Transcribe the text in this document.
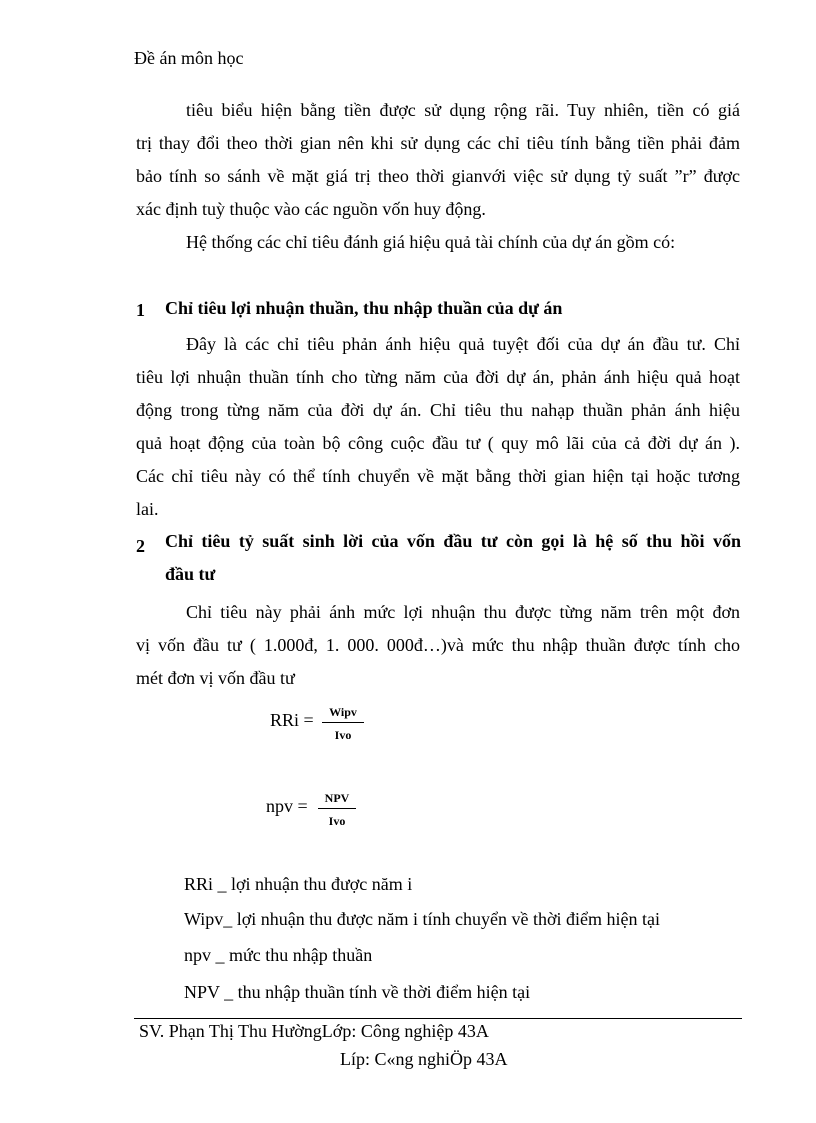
Đề án môn học
tiêu biểu hiện bằng tiền được sử dụng rộng rãi. Tuy nhiên, tiền có giá
trị thay đổi theo thời gian nên khi sử dụng các chỉ tiêu tính bằng tiền phải đảm
bảo tính so sánh về mặt giá trị theo thời gianvới việc sử dụng tỷ suất ”r” được
xác định tuỳ thuộc vào các nguồn vốn huy động.
Hệ thống các chỉ tiêu đánh giá hiệu quả tài chính của dự án gồm có:
1 Chỉ tiêu lợi nhuận thuần, thu nhập thuần của dự án
Đây là các chỉ tiêu phản ánh hiệu quả tuyệt đối của dự án đầu tư. Chỉ
tiêu lợi nhuận thuần tính cho từng năm của đời dự án, phản ánh hiệu quả hoạt
động trong từng năm của đời dự án. Chỉ tiêu thu nahạp thuần phản ánh hiệu
quả hoạt động của toàn bộ công cuộc đầu tư ( quy mô lãi của cả đời dự án ).
Các chỉ tiêu này có thể tính chuyển về mặt bằng thời gian hiện tại hoặc tương
lai.
2 Chỉ tiêu tỷ suất sinh lời của vốn đầu tư còn gọi là hệ số thu hồi vốn
đầu tư
Chỉ tiêu này phải ánh mức lợi nhuận thu được từng năm trên một đơn
vị vốn đầu tư ( 1.000đ, 1. 000. 000đ…)và mức thu nhập thuần được tính cho
mét đơn vị vốn đầu tư
RRi =	Wipv
Ivo
npv =	NPV
Ivo
RRi _ lợi nhuận thu được năm i
Wipv_ lợi nhuận thu được năm i tính chuyển về thời điểm hiện tại
npv _ mức thu nhập thuần
NPV _ thu nhập thuần tính về thời điểm hiện tại
SV. Phạn Thị Thu HườngLớp: Công nghiệp 43A
Líp: C«ng nghiÖp 43A
